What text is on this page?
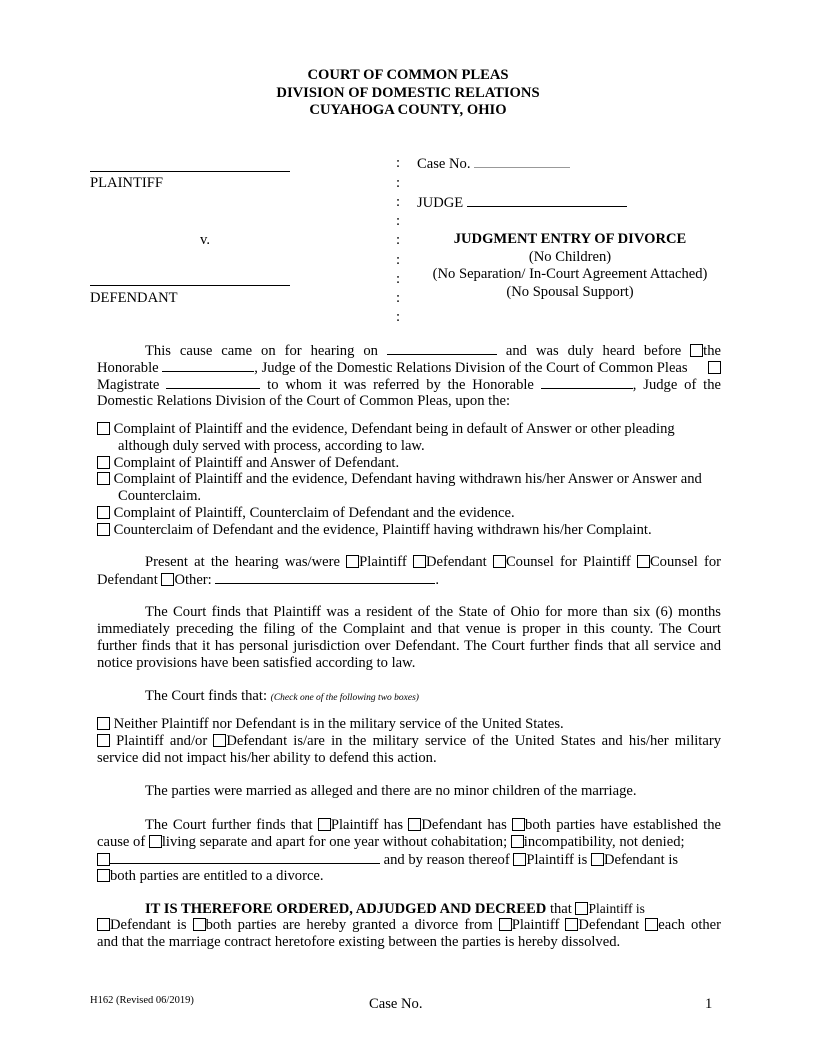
COURT OF COMMON PLEAS
DIVISION OF DOMESTIC RELATIONS
CUYAHOGA COUNTY, OHIO
PLAINTIFF
v.
DEFENDANT
:
:
:
:
:
:
:
:
:
Case No.
JUDGE
JUDGMENT ENTRY OF DIVORCE
(No Children)
(No Separation/ In-Court Agreement Attached)
(No Spousal Support)
This cause came on for hearing on	and was duly heard before the
Honorable	, Judge of the Domestic Relations Division of the Court of Common Pleas
Magistrate	to whom it was referred by the Honorable	, Judge of the
Domestic Relations Division of the Court of Common Pleas, upon the:
Complaint of Plaintiff and the evidence, Defendant being in default of Answer or other pleading although duly served with process, according to law.
Complaint of Plaintiff and Answer of Defendant.
Complaint of Plaintiff and the evidence, Defendant having withdrawn his/her Answer or Answer and Counterclaim.
Complaint of Plaintiff, Counterclaim of Defendant and the evidence.
Counterclaim of Defendant and the evidence, Plaintiff having withdrawn his/her Complaint.
Present at the hearing was/were Plaintiff Defendant Counsel for Plaintiff Counsel for
Defendant Other:	.
The Court finds that Plaintiff was a resident of the State of Ohio for more than six (6) months immediately preceding the filing of the Complaint and that venue is proper in this county. The Court further finds that it has personal jurisdiction over Defendant. The Court further finds that all service and notice provisions have been satisfied according to law.
The Court finds that: (Check one of the following two boxes)
Neither Plaintiff nor Defendant is in the military service of the United States.
Plaintiff and/or Defendant is/are in the military service of the United States and his/her military
service did not impact his/her ability to defend this action.
The parties were married as alleged and there are no minor children of the marriage.
The Court further finds that Plaintiff has Defendant has both parties have established the
cause of living separate and apart for one year without cohabitation; incompatibility, not denied;
and by reason thereof Plaintiff is Defendant is
both parties are entitled to a divorce.
IT IS THEREFORE ORDERED, ADJUDGED AND DECREED that Plaintiff is
Defendant is both parties are hereby granted a divorce from Plaintiff Defendant each other
and that the marriage contract heretofore existing between the parties is hereby dissolved.
H162 (Revised 06/2019)	Case No.	1
